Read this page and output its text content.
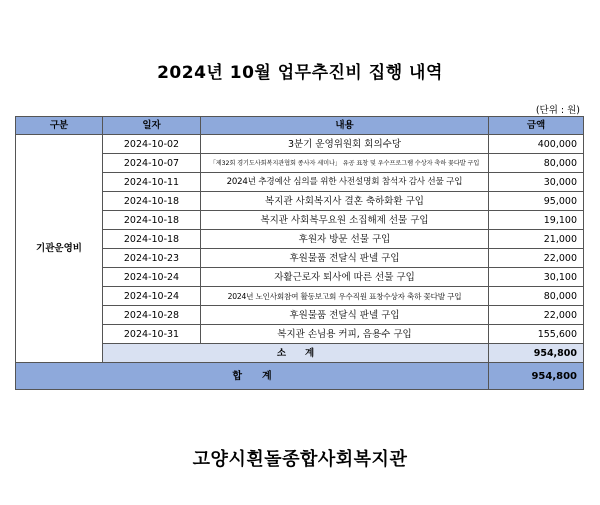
2024년 10월 업무추진비 집행 내역
(단위 : 원)
구분	일자	내용	금액
기관운영비	2024-10-02	3분기 운영위원회 회의수당	400,000
	2024-10-07	「제32회 경기도사회복지관협회 종사자 세미나」 유공 표창 및 우수프로그램 수상자 축하 꽃다발 구입	80,000
	2024-10-11	2024년 추경예산 심의를 위한 사전설명회 참석자 감사 선물 구입	30,000
	2024-10-18	복지관 사회복지사 결혼 축하화환 구입	95,000
	2024-10-18	복지관 사회복무요원 소집해제 선물 구입	19,100
	2024-10-18	후원자 방문 선물 구입	21,000
	2024-10-23	후원물품 전달식 판넬 구입	22,000
	2024-10-24	자활근로자 퇴사에 따른 선물 구입	30,100
	2024-10-24	2024년 노인사회참여 활동보고회 우수직원 표창수상자 축하 꽃다발 구입	80,000
	2024-10-28	후원물품 전달식 판넬 구입	22,000
	2024-10-31	복지관 손님용 커피, 음용수 구입	155,600
	소　　계		954,800
합　　계			954,800
고양시흰돌종합사회복지관
